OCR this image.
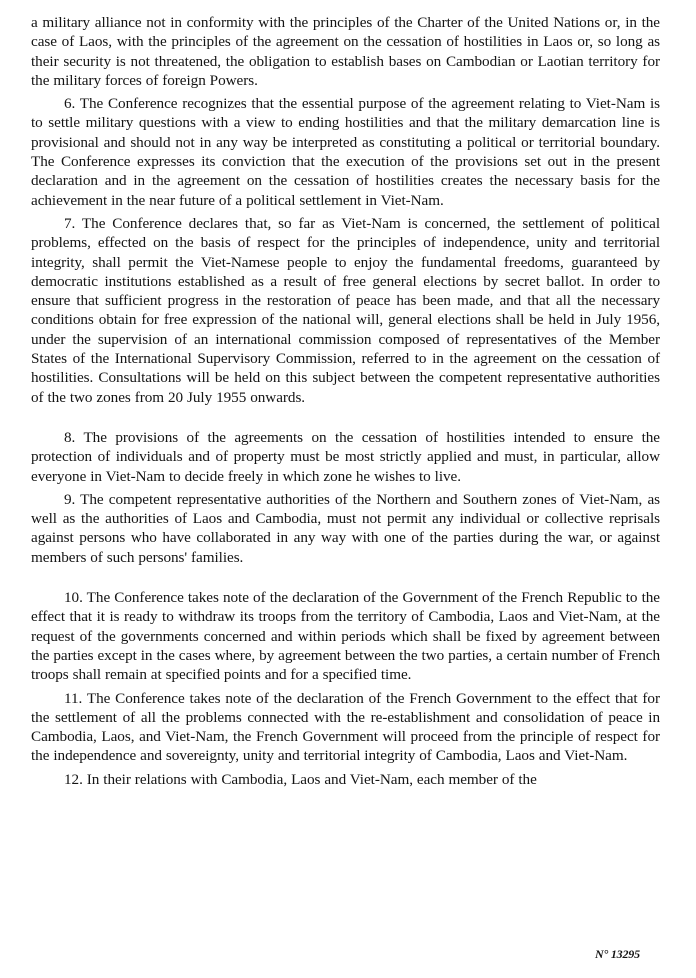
a military alliance not in conformity with the principles of the Charter of the United Nations or, in the case of Laos, with the principles of the agreement on the cessation of hostilities in Laos or, so long as their security is not threatened, the obligation to establish bases on Cambodian or Laotian territory for the military forces of foreign Powers.

6. The Conference recognizes that the essential purpose of the agreement relating to Viet-Nam is to settle military questions with a view to ending hostilities and that the military demarcation line is provisional and should not in any way be interpreted as constituting a political or territorial boundary. The Conference expresses its conviction that the execution of the provisions set out in the present declaration and in the agreement on the cessation of hostilities creates the necessary basis for the achievement in the near future of a political settlement in Viet-Nam.

7. The Conference declares that, so far as Viet-Nam is concerned, the settlement of political problems, effected on the basis of respect for the principles of independence, unity and territorial integrity, shall permit the Viet-Namese people to enjoy the fundamental freedoms, guaranteed by democratic institutions established as a result of free general elections by secret ballot. In order to ensure that sufficient progress in the restoration of peace has been made, and that all the necessary conditions obtain for free expression of the national will, general elections shall be held in July 1956, under the supervision of an international commission composed of representatives of the Member States of the International Supervisory Commission, referred to in the agreement on the cessation of hostilities. Consultations will be held on this subject between the competent representative authorities of the two zones from 20 July 1955 onwards.

8. The provisions of the agreements on the cessation of hostilities intended to ensure the protection of individuals and of property must be most strictly applied and must, in particular, allow everyone in Viet-Nam to decide freely in which zone he wishes to live.

9. The competent representative authorities of the Northern and Southern zones of Viet-Nam, as well as the authorities of Laos and Cambodia, must not permit any individual or collective reprisals against persons who have collaborated in any way with one of the parties during the war, or against members of such persons' families.

10. The Conference takes note of the declaration of the Government of the French Republic to the effect that it is ready to withdraw its troops from the territory of Cambodia, Laos and Viet-Nam, at the request of the governments concerned and within periods which shall be fixed by agreement between the parties except in the cases where, by agreement between the two parties, a certain number of French troops shall remain at specified points and for a specified time.

11. The Conference takes note of the declaration of the French Government to the effect that for the settlement of all the problems connected with the re-establishment and consolidation of peace in Cambodia, Laos, and Viet-Nam, the French Government will proceed from the principle of respect for the independence and sovereignty, unity and territorial integrity of Cambodia, Laos and Viet-Nam.

12. In their relations with Cambodia, Laos and Viet-Nam, each member of the

N° 13295
